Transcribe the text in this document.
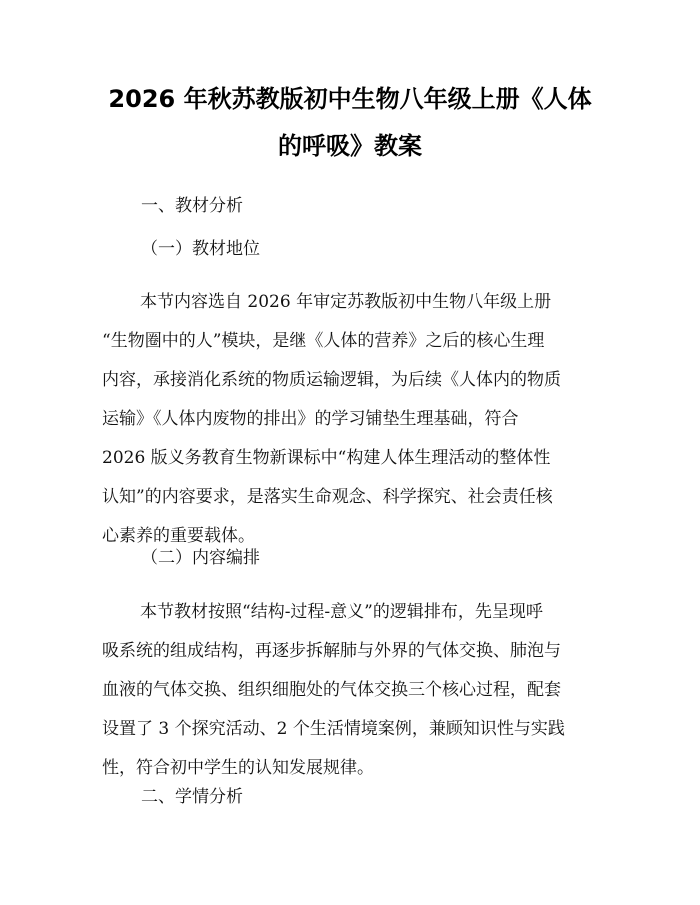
2026 年秋苏教版初中生物八年级上册《人体
的呼吸》教案
一、教材分析
（一）教材地位

本节内容选自 2026 年审定苏教版初中生物八年级上册
“生物圈中的人”模块，是继《人体的营养》之后的核心生理
内容，承接消化系统的物质运输逻辑，为后续《人体内的物质
运输》《人体内废物的排出》的学习铺垫生理基础，符合
2026 版义务教育生物新课标中“构建人体生理活动的整体性
认知”的内容要求，是落实生命观念、科学探究、社会责任核
心素养的重要载体。

（二）内容编排

本节教材按照“结构-过程-意义”的逻辑排布，先呈现呼
吸系统的组成结构，再逐步拆解肺与外界的气体交换、肺泡与
血液的气体交换、组织细胞处的气体交换三个核心过程，配套
设置了 3 个探究活动、2 个生活情境案例，兼顾知识性与实践
性，符合初中学生的认知发展规律。

二、学情分析
